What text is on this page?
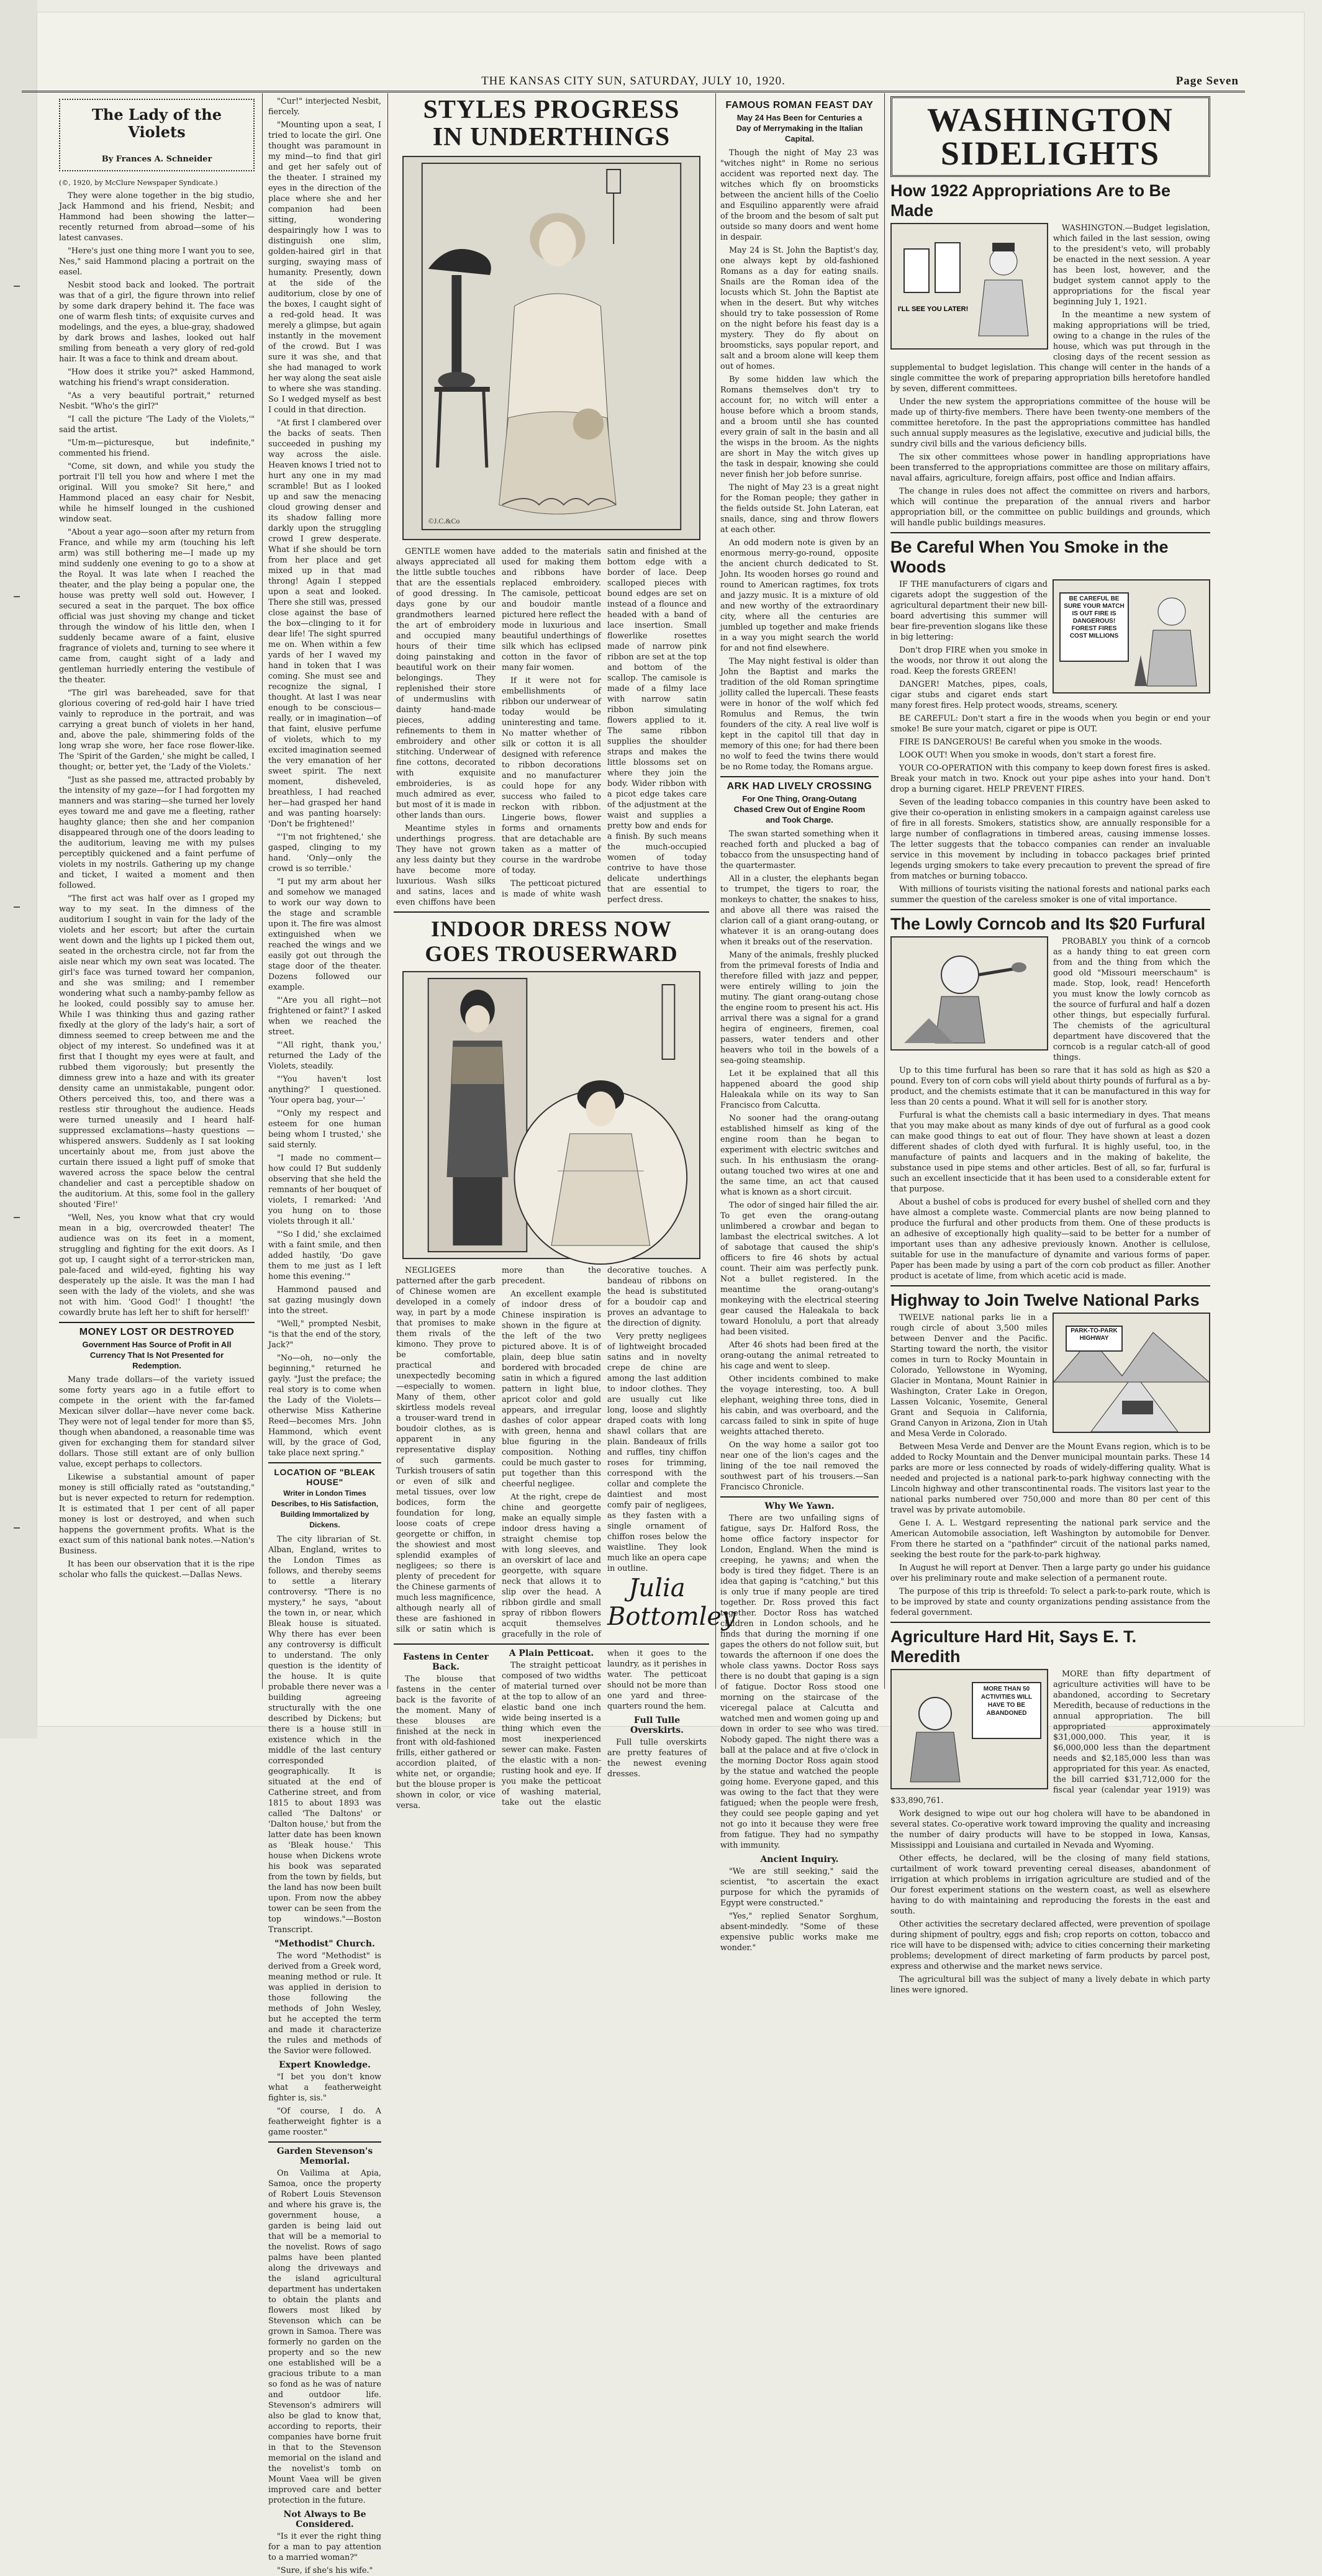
THE KANSAS CITY SUN, SATURDAY, JULY 10, 1920.	Page Seven
The Lady of the Violets
By Frances A. Schneider

(©, 1920, by McClure Newspaper Syndicate.)

They were alone together in the big studio, Jack Hammond and his friend, Nesbit; and Hammond had been showing the latter—recently returned from abroad—some of his latest canvases.

"Here's just one thing more I want you to see, Nes," said Hammond placing a portrait on the easel.

Nesbit stood back and looked. The portrait was that of a girl, the figure thrown into relief by some dark drapery behind it. The face was one of warm flesh tints; of exquisite curves and modelings, and the eyes, a blue-gray, shadowed by dark brows and lashes, looked out half smiling from beneath a very glory of red-gold hair. It was a face to think and dream about.

"How does it strike you?" asked Hammond, watching his friend's wrapt consideration.

"As a very beautiful portrait," returned Nesbit. "Who's the girl?"

"I call the picture 'The Lady of the Violets,'" said the artist.

"Um-m—picturesque, but indefinite," commented his friend.

"Come, sit down, and while you study the portrait I'll tell you how and where I met the original. Will you smoke? Sit here," and Hammond placed an easy chair for Nesbit, while he himself lounged in the cushioned window seat.

"About a year ago—soon after my return from France, and while my arm (touching his left arm) was still bothering me—I made up my mind suddenly one evening to go to a show at the Royal. It was late when I reached the theater, and the play being a popular one, the house was pretty well sold out. However, I secured a seat in the parquet. The box office official was just shoving my change and ticket through the window of his little den, when I suddenly became aware of a faint, elusive fragrance of violets and, turning to see where it came from, caught sight of a lady and gentleman hurriedly entering the vestibule of the theater.

"The girl was bareheaded, save for that glorious covering of red-gold hair I have tried vainly to reproduce in the portrait, and was carrying a great bunch of violets in her hand, and, above the pale, shimmering folds of the long wrap she wore, her face rose flower-like. The 'Spirit of the Garden,' she might be called, I thought; or, better yet, the 'Lady of the Violets.'

"Just as she passed me, attracted probably by the intensity of my gaze—for I had forgotten my manners and was staring—she turned her lovely eyes toward me and gave me a fleeting, rather haughty glance; then she and her companion disappeared through one of the doors leading to the auditorium, leaving me with my pulses perceptibly quickened and a faint perfume of violets in my nostrils. Gathering up my change and ticket, I waited a moment and then followed.

"The first act was half over as I groped my way to my seat. In the dimness of the auditorium I sought in vain for the lady of the violets and her escort; but after the curtain went down and the lights up I picked them out, seated in the orchestra circle, not far from the aisle near which my own seat was located. The girl's face was turned toward her companion, and she was smiling; and I remember wondering what such a namby-pamby fellow as he looked, could possibly say to amuse her. While I was thinking thus and gazing rather fixedly at the glory of the lady's hair, a sort of dimness seemed to creep between me and the object of my interest. So undefined was it at first that I thought my eyes were at fault, and rubbed them vigorously; but presently the dimness grew into a haze and with its greater density came an unmistakable, pungent odor. Others perceived this, too, and there was a restless stir throughout the audience. Heads were turned uneasily and I heard half-suppressed exclamations—hasty questions — whispered answers. Suddenly as I sat looking uncertainly about me, from just above the curtain there issued a light puff of smoke that wavered across the space below the central chandelier and cast a perceptible shadow on the auditorium. At this, some fool in the gallery shouted 'Fire!'

"Well, Nes, you know what that cry would mean in a big, overcrowded theater! The audience was on its feet in a moment, struggling and fighting for the exit doors. As I got up, I caught sight of a terror-stricken man, pale-faced and wild-eyed, fighting his way desperately up the aisle. It was the man I had seen with the lady of the violets, and she was not with him. 'Good God!' I thought! 'the cowardly brute has left her to shift for herself!'

MONEY LOST OR DESTROYED
Government Has Source of Profit in All Currency That Is Not Presented for Redemption.

Many trade dollars—of the variety issued some forty years ago in a futile effort to compete in the orient with the far-famed Mexican silver dollar—have never come back. They were not of legal tender for more than $5, though when abandoned, a reasonable time was given for exchanging them for standard silver dollars. Those still extant are of only bullion value, except perhaps to collectors.

Likewise a substantial amount of paper money is still officially rated as "outstanding," but is never expected to return for redemption. It is estimated that 1 per cent of all paper money is lost or destroyed, and when such happens the government profits. What is the exact sum of this national bank notes.—Nation's Business.

It has been our observation that it is the ripe scholar who falls the quickest.—Dallas News.

"Cur!" interjected Nesbit, fiercely.

"Mounting upon a seat, I tried to locate the girl. One thought was paramount in my mind—to find that girl and get her safely out of the theater. I strained my eyes in the direction of the place where she and her companion had been sitting, wondering despairingly how I was to distinguish one slim, golden-haired girl in that surging, swaying mass of humanity. Presently, down at the side of the auditorium, close by one of the boxes, I caught sight of a red-gold head. It was merely a glimpse, but again instantly in the movement of the crowd. But I was sure it was she, and that she had managed to work her way along the seat aisle to where she was standing. So I wedged myself as best I could in that direction.

"At first I clambered over the backs of seats. Then succeeded in pushing my way across the aisle. Heaven knows I tried not to hurt any one in my mad scramble! But as I looked up and saw the menacing cloud growing denser and its shadow falling more darkly upon the struggling crowd I grew desperate. What if she should be torn from her place and get mixed up in that mad throng! Again I stepped upon a seat and looked. There she still was, pressed close against the base of the box—clinging to it for dear life! The sight spurred me on. When within a few yards of her I waved my hand in token that I was coming. She must see and recognize the signal, I thought. At last I was near enough to be conscious—really, or in imagination—of that faint, elusive perfume of violets, which to my excited imagination seemed the very emanation of her sweet spirit. The next moment, disheveled, breathless, I had reached her—had grasped her hand and was panting hoarsely: 'Don't be frightened!'

"'I'm not frightened,' she gasped, clinging to my hand. 'Only—only the crowd is so terrible.'

"I put my arm about her and somehow we managed to work our way down to the stage and scramble upon it. The fire was almost extinguished when we reached the wings and we easily got out through the stage door of the theater. Dozens followed our example.

"'Are you all right—not frightened or faint?' I asked when we reached the street.

"'All right, thank you,' returned the Lady of the Violets, steadily.

"'You haven't lost anything?' I questioned. 'Your opera bag, your—'

"'Only my respect and esteem for one human being whom I trusted,' she said sternly.

"I made no comment—how could I? But suddenly observing that she held the remnants of her bouquet of violets, I remarked: 'And you hung on to those violets through it all.'

"'So I did,' she exclaimed with a faint smile, and then added hastily, 'Do gave them to me just as I left home this evening.'"

Hammond paused and sat gazing musingly down into the street.

"Well," prompted Nesbit, "is that the end of the story, Jack?"

"No—oh, no—only the beginning," returned he gayly. "Just the preface; the real story is to come when the Lady of the Violets—otherwise Miss Katherine Reed—becomes Mrs. John Hammond, which event will, by the grace of God, take place next spring."

LOCATION OF "BLEAK HOUSE"
Writer in London Times Describes, to His Satisfaction, Building Immortalized by Dickens.

The city librarian of St. Alban, England, writes to the London Times as follows, and thereby seems to settle a literary controversy. "There is no mystery," he says, "about the town in, or near, which Bleak house is situated. Why there has ever been any controversy is difficult to understand. The only question is the identity of the house. It is quite probable there never was a building agreeing structurally with the one described by Dickens; but there is a house still in existence which in the middle of the last century corresponded geographically. It is situated at the end of Catherine street, and from 1815 to about 1893 was called 'The Daltons' or 'Dalton house,' but from the latter date has been known as 'Bleak house.' This house when Dickens wrote his book was separated from the town by fields, but the land has now been built upon. From now the abbey tower can be seen from the top windows."—Boston Transcript.

"Methodist" Church.

The word "Methodist" is derived from a Greek word, meaning method or rule. It was applied in derision to those following the methods of John Wesley, but he accepted the term and made it characterize the rules and methods of the Savior were followed.

Expert Knowledge.

"I bet you don't know what a featherweight fighter is, sis."

"Of course, I do. A featherweight fighter is a game rooster."

Garden Stevenson's Memorial.

On Vailima at Apia, Samoa, once the property of Robert Louis Stevenson and where his grave is, the government house, a garden is being laid out that will be a memorial to the novelist. Rows of sago palms have been planted along the driveways and the island agricultural department has undertaken to obtain the plants and flowers most liked by Stevenson which can be grown in Samoa. There was formerly no garden on the property and so the new one established will be a gracious tribute to a man so fond as he was of nature and outdoor life. Stevenson's admirers will also be glad to know that, according to reports, their companies have borne fruit in that to the Stevenson memorial on the island and the novelist's tomb on Mount Vaea will be given improved care and better protection in the future.

Not Always to Be Considered.

"Is it ever the right thing for a man to pay attention to a married woman?"

"Sure, if she's his wife."

STYLES PROGRESS IN UNDERTHINGS
©J.C.&Co

GENTLE women have always appreciated all the little subtle touches that are the essentials of good dressing. In days gone by our grandmothers learned the art of embroidery and occupied many hours of their time doing painstaking and beautiful work on their belongings. They replenished their store of undermuslins with dainty hand-made pieces, adding refinements to them in embroidery and other stitching. Underwear of fine cottons, decorated with exquisite embroideries, is as much admired as ever, but most of it is made in other lands than ours.

Meantime styles in underthings progress. They have not grown any less dainty but they have become more luxurious. Wash silks and satins, laces and even chiffons have been added to the materials used for making them and ribbons have replaced embroidery. The camisole, petticoat and boudoir mantle pictured here reflect the mode in luxurious and beautiful underthings of silk which has eclipsed cotton in the favor of many fair women.

If it were not for embellishments of ribbon our underwear of today would be uninteresting and tame. No matter whether of silk or cotton it is all designed with reference to ribbon decorations and no manufacturer could hope for any success who failed to reckon with ribbon. Lingerie bows, flower forms and ornaments that are detachable are taken as a matter of course in the wardrobe of today.

The petticoat pictured is made of white wash satin and finished at the bottom edge with a border of lace. Deep scalloped pieces with bound edges are set on instead of a flounce and headed with a band of lace insertion. Small flowerlike rosettes made of narrow pink ribbon are set at the top and bottom of the scallop. The camisole is made of a filmy lace with narrow satin ribbon simulating flowers applied to it. The same ribbon supplies the shoulder straps and makes the little blossoms set on where they join the body. Wider ribbon with a picot edge takes care of the adjustment at the waist and supplies a pretty bow and ends for a finish. By such means the much-occupied women of today contrive to have those delicate underthings that are essential to perfect dress.

INDOOR DRESS NOW GOES TROUSERWARD

NEGLIGEES patterned after the garb of Chinese women are developed in a comely way, in part by a mode that promises to make them rivals of the kimono. They prove to be comfortable, practical and unexpectedly becoming—especially to women. Many of them, other skirtless models reveal a trouser-ward trend in boudoir clothes, as is apparent in any representative display of such garments. Turkish trousers of satin or even of silk and metal tissues, over low bodices, form the foundation for long, loose coats of crepe georgette or chiffon, in the showiest and most splendid examples of negligees; so there is plenty of precedent for the Chinese garments of much less magnificence, although nearly all of these are fashioned in silk or satin which is more than the precedent.

An excellent example of indoor dress of Chinese inspiration is shown in the figure at the left of the two pictured above. It is of plain, deep blue satin bordered with brocaded satin in which a figured pattern in light blue, apricot color and gold appears, and irregular dashes of color appear with green, henna and blue figuring in the composition. Nothing could be much gaster to put together than this cheerful negligee.

At the right, crepe de chine and georgette make an equally simple indoor dress having a straight chemise top with long sleeves, and an overskirt of lace and georgette, with square neck that allows it to slip over the head. A ribbon girdle and small spray of ribbon flowers acquit themselves gracefully in the role of decorative touches. A bandeau of ribbons on the head is substituted for a boudoir cap and proves an advantage to the direction of dignity.

Very pretty negligees of lightweight brocaded satins and in novelty crepe de chine are among the last addition to indoor clothes. They are usually cut like long, loose and slightly draped coats with long shawl collars that are plain. Bandeaux of frills and ruffles, tiny chiffon roses for trimming, correspond with the collar and complete the daintiest and most comfy pair of negligees, as they fasten with a single ornament of chiffon roses below the waistline. They look much like an opera cape in outline.

Julia Bottomley
Fastens in Center Back.

The blouse that fastens in the center back is the favorite of the moment. Many of these blouses are finished at the neck in front with old-fashioned frills, either gathered or accordion plaited, of white net, or organdie; but the blouse proper is shown in color, or vice versa.

A Plain Petticoat.

The straight petticoat composed of two widths of material turned over at the top to allow of an elastic band one inch wide being inserted is a thing which even the most inexperienced sewer can make. Fasten the elastic with a non-rusting hook and eye. If you make the petticoat of washing material, take out the elastic when it goes to the laundry, as it perishes in water. The petticoat should not be more than one yard and three-quarters round the hem.

Full Tulle Overskirts.

Full tulle overskirts are pretty features of the newest evening dresses.

FAMOUS ROMAN FEAST DAY
May 24 Has Been for Centuries a Day of Merrymaking in the Italian Capital.

Though the night of May 23 was "witches night" in Rome no serious accident was reported next day. The witches which fly on broomsticks between the ancient hills of the Coelio and Esquilino apparently were afraid of the broom and the besom of salt put outside so many doors and went home in despair.

May 24 is St. John the Baptist's day, one always kept by old-fashioned Romans as a day for eating snails. Snails are the Roman idea of the locusts which St. John the Baptist ate when in the desert. But why witches should try to take possession of Rome on the night before his feast day is a mystery. They do fly about on broomsticks, says popular report, and salt and a broom alone will keep them out of homes.

By some hidden law which the Romans themselves don't try to account for, no witch will enter a house before which a broom stands, and a broom until she has counted every grain of salt in the basin and all the wisps in the broom. As the nights are short in May the witch gives up the task in despair, knowing she could never finish her job before sunrise.

The night of May 23 is a great night for the Roman people; they gather in the fields outside St. John Lateran, eat snails, dance, sing and throw flowers at each other.

An odd modern note is given by an enormous merry-go-round, opposite the ancient church dedicated to St. John. Its wooden horses go round and round to American ragtimes, fox trots and jazzy music. It is a mixture of old and new worthy of the extraordinary city, where all the centuries are jumbled up together and make friends in a way you might search the world for and not find elsewhere.

The May night festival is older than John the Baptist and marks the tradition of the old Roman springtime jollity called the lupercali. These feasts were in honor of the wolf which fed Romulus and Remus, the twin founders of the city. A real live wolf is kept in the capitol till that day in memory of this one; for had there been no wolf to feed the twins there would be no Rome today, the Romans argue.

ARK HAD LIVELY CROSSING
For One Thing, Orang-Outang Chased Crew Out of Engine Room and Took Charge.

The swan started something when it reached forth and plucked a bag of tobacco from the unsuspecting hand of the quartermaster.

All in a cluster, the elephants began to trumpet, the tigers to roar, the monkeys to chatter, the snakes to hiss, and above all there was raised the clarion call of a giant orang-outang, or whatever it is an orang-outang does when it breaks out of the reservation.

Many of the animals, freshly plucked from the primeval forests of India and therefore filled with jazz and pepper, were entirely willing to join the mutiny. The giant orang-outang chose the engine room to present his act. His arrival there was a signal for a grand hegira of engineers, firemen, coal passers, water tenders and other heavers who toil in the bowels of a sea-going steamship.

Let it be explained that all this happened aboard the good ship Haleakala while on its way to San Francisco from Calcutta.

No sooner had the orang-outang established himself as king of the engine room than he began to experiment with electric switches and such. In his enthusiasm the orang-outang touched two wires at one and the same time, an act that caused what is known as a short circuit.

The odor of singed hair filled the air. To get even the orang-outang unlimbered a crowbar and began to lambast the electrical switches. A lot of sabotage that caused the ship's officers to fire 46 shots by actual count. Their aim was perfectly punk. Not a bullet registered. In the meantime the orang-outang's monkeying with the electrical steering gear caused the Haleakala to back toward Honolulu, a port that already had been visited.

After 46 shots had been fired at the orang-outang the animal retreated to his cage and went to sleep.

Other incidents combined to make the voyage interesting, too. A bull elephant, weighing three tons, died in his cabin, and was overboard, and the carcass failed to sink in spite of huge weights attached thereto.

On the way home a sailor got too near one of the lion's cages and the lining of the toe nail removed the southwest part of his trousers.—San Francisco Chronicle.

Why We Yawn.

There are two unfailing signs of fatigue, says Dr. Halford Ross, the home office factory inspector for London, England. When the mind is creeping, he yawns; and when the body is tired they fidget. There is an idea that gaping is "catching," but this is only true if many people are tired together. Dr. Ross proved this fact together. Doctor Ross has watched children in London schools, and he finds that during the morning if one gapes the others do not follow suit, but towards the afternoon if one does the whole class yawns. Doctor Ross says there is no doubt that gaping is a sign of fatigue. Doctor Ross stood one morning on the staircase of the viceregal palace at Calcutta and watched men and women going up and down in order to see who was tired. Nobody gaped. The night there was a ball at the palace and at five o'clock in the morning Doctor Ross again stood by the statue and watched the people going home. Everyone gaped, and this was owing to the fact that they were fatigued; when the people were fresh, they could see people gaping and yet not go into it because they were free from fatigue. They had no sympathy with immunity.

Ancient Inquiry.

"We are still seeking," said the scientist, "to ascertain the exact purpose for which the pyramids of Egypt were constructed."

"Yes," replied Senator Sorghum, absent-mindedly. "Some of these expensive public works make me wonder."

WASHINGTON
SIDELIGHTS
How 1922 Appropriations Are to Be Made
I'LL SEE YOU LATER!

WASHINGTON.—Budget legislation, which failed in the last session, owing to the president's veto, will probably be enacted in the next session. A year has been lost, however, and the budget system cannot apply to the appropriations for the fiscal year beginning July 1, 1921.

In the meantime a new system of making appropriations will be tried, owing to a change in the rules of the house, which was put through in the closing days of the recent session as supplemental to budget legislation. This change will center in the hands of a single committee the work of preparing appropriation bills heretofore handled by seven, different committees.

Under the new system the appropriations committee of the house will be made up of thirty-five members. There have been twenty-one members of the committee heretofore. In the past the appropriations committee has handled such annual supply measures as the legislative, executive and judicial bills, the sundry civil bills and the various deficiency bills.

The six other committees whose power in handling appropriations have been transferred to the appropriations committee are those on military affairs, naval affairs, agriculture, foreign affairs, post office and Indian affairs.

The change in rules does not affect the committee on rivers and harbors, which will continue the preparation of the annual rivers and harbor appropriation bill, or the committee on public buildings and grounds, which will handle public buildings measures.

Be Careful When You Smoke in the Woods
BE CAREFUL BE SURE YOUR MATCH IS OUT FIRE IS DANGEROUS! FOREST FIRES COST MILLIONS

IF THE manufacturers of cigars and cigarets adopt the suggestion of the agricultural department their new bill-board advertising this summer will bear fire-prevention slogans like these in big lettering:

Don't drop FIRE when you smoke in the woods, nor throw it out along the road. Keep the forests GREEN!

DANGER! Matches, pipes, coals, cigar stubs and cigaret ends start many forest fires. Help protect woods, streams, scenery.

BE CAREFUL: Don't start a fire in the woods when you begin or end your smoke! Be sure your match, cigaret or pipe is OUT.

FIRE IS DANGEROUS! Be careful when you smoke in the woods.

LOOK OUT! When you smoke in woods, don't start a forest fire.

YOUR CO-OPERATION with this company to keep down forest fires is asked. Break your match in two. Knock out your pipe ashes into your hand. Don't drop a burning cigaret. HELP PREVENT FIRES.

Seven of the leading tobacco companies in this country have been asked to give their co-operation in enlisting smokers in a campaign against careless use of fire in all forests. Smokers, statistics show, are annually responsible for a large number of conflagrations in timbered areas, causing immense losses. The letter suggests that the tobacco companies can render an invaluable service in this movement by including in tobacco packages brief printed legends urging smokers to take every precaution to prevent the spread of fire from matches or burning tobacco.

With millions of tourists visiting the national forests and national parks each summer the question of the careless smoker is one of vital importance.

The Lowly Corncob and Its $20 Furfural

PROBABLY you think of a corncob as a handy thing to eat green corn from and the thing from which the good old "Missouri meerschaum" is made. Stop, look, read! Henceforth you must know the lowly corncob as the source of furfural and half a dozen other things, but especially furfural. The chemists of the agricultural department have discovered that the corncob is a regular catch-all of good things.

Up to this time furfural has been so rare that it has sold as high as $20 a pound. Every ton of corn cobs will yield about thirty pounds of furfural as a by-product, and the chemists estimate that it can be manufactured in this way for less than 20 cents a pound. What it will sell for is another story.

Furfural is what the chemists call a basic intermediary in dyes. That means that you may make about as many kinds of dye out of furfural as a good cook can make good things to eat out of flour. They have shown at least a dozen different shades of cloth dyed with furfural. It is highly useful, too, in the manufacture of paints and lacquers and in the making of bakelite, the substance used in pipe stems and other articles. Best of all, so far, furfural is such an excellent insecticide that it has been used to a considerable extent for that purpose.

About a bushel of cobs is produced for every bushel of shelled corn and they have almost a complete waste. Commercial plants are now being planned to produce the furfural and other products from them. One of these products is an adhesive of exceptionally high quality—said to be better for a number of important uses than any adhesive previously known. Another is cellulose, suitable for use in the manufacture of dynamite and various forms of paper. Paper has been made by using a part of the corn cob product as filler. Another product is acetate of lime, from which acetic acid is made.

Highway to Join Twelve National Parks
PARK-TO-PARK HIGHWAY

TWELVE national parks lie in a rough circle of about 3,500 miles between Denver and the Pacific. Starting toward the north, the visitor comes in turn to Rocky Mountain in Colorado, Yellowstone in Wyoming, Glacier in Montana, Mount Rainier in Washington, Crater Lake in Oregon, Lassen Volcanic, Yosemite, General Grant and Sequoia in California, Grand Canyon in Arizona, Zion in Utah and Mesa Verde in Colorado.

Between Mesa Verde and Denver are the Mount Evans region, which is to be added to Rocky Mountain and the Denver municipal mountain parks. These 14 parks are more or less connected by roads of widely-differing quality. What is needed and projected is a national park-to-park highway connecting with the Lincoln highway and other transcontinental roads. The visitors last year to the national parks numbered over 750,000 and more than 80 per cent of this travel was by private automobile.

Gene I. A. L. Westgard representing the national park service and the American Automobile association, left Washington by automobile for Denver. From there he started on a "pathfinder" circuit of the national parks named, seeking the best route for the park-to-park highway.

In August he will report at Denver. Then a large party go under his guidance over his preliminary route and make selection of a permanent route.

The purpose of this trip is threefold: To select a park-to-park route, which is to be improved by state and county organizations pending assistance from the federal government.

Agriculture Hard Hit, Says E. T. Meredith
MORE THAN 50 ACTIVITIES WILL HAVE TO BE ABANDONED

MORE than fifty department of agriculture activities will have to be abandoned, according to Secretary Meredith, because of reductions in the annual appropriation. The bill appropriated approximately $31,000,000. This year, it is $6,000,000 less than the department needs and $2,185,000 less than was appropriated for this year. As enacted, the bill carried $31,712,000 for the fiscal year (calendar year 1919) was $33,890,761.

Work designed to wipe out our hog cholera will have to be abandoned in several states. Co-operative work toward improving the quality and increasing the number of dairy products will have to be stopped in Iowa, Kansas, Mississippi and Louisiana and curtailed in Nevada and Wyoming.

Other effects, he declared, will be the closing of many field stations, curtailment of work toward preventing cereal diseases, abandonment of irrigation at which problems in irrigation agriculture are studied and of the Our forest experiment stations on the western coast, as well as elsewhere having to do with maintaining and reproducing the forests in the east and south.

Other activities the secretary declared affected, were prevention of spoilage during shipment of poultry, eggs and fish; crop reports on cotton, tobacco and rice will have to be dispensed with; advice to cities concerning their marketing problems; development of direct marketing of farm products by parcel post, express and otherwise and the market news service.

The agricultural bill was the subject of many a lively debate in which party lines were ignored.
